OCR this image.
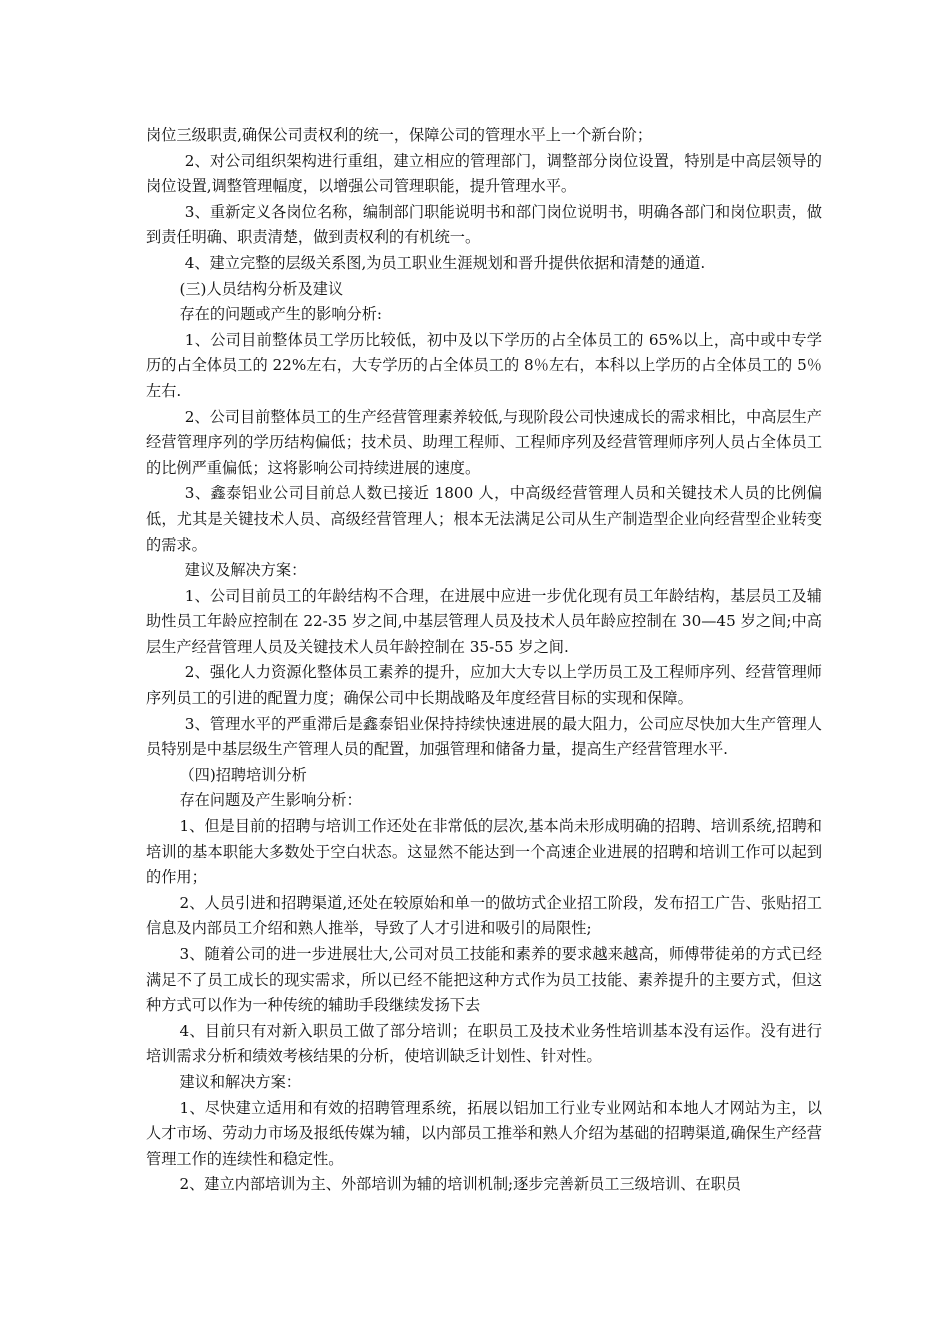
岗位三级职责,确保公司责权利的统一，保障公司的管理水平上一个新台阶；

2、对公司组织架构进行重组，建立相应的管理部门，调整部分岗位设置，特别是中高层领导的岗位设置,调整管理幅度，以增强公司管理职能，提升管理水平。

3、重新定义各岗位名称，编制部门职能说明书和部门岗位说明书，明确各部门和岗位职责，做到责任明确、职责清楚，做到责权利的有机统一。

4、建立完整的层级关系图,为员工职业生涯规划和晋升提供依据和清楚的通道.

(三)人员结构分析及建议

存在的问题或产生的影响分析:

1、公司目前整体员工学历比较低，初中及以下学历的占全体员工的 65%以上，高中或中专学历的占全体员工的 22%左右，大专学历的占全体员工的 8％左右，本科以上学历的占全体员工的 5％左右.

2、公司目前整体员工的生产经营管理素养较低,与现阶段公司快速成长的需求相比，中高层生产经营管理序列的学历结构偏低；技术员、助理工程师、工程师序列及经营管理师序列人员占全体员工的比例严重偏低；这将影响公司持续进展的速度。

3、鑫泰铝业公司目前总人数已接近 1800 人，中高级经营管理人员和关键技术人员的比例偏低，尤其是关键技术人员、高级经营管理人；根本无法满足公司从生产制造型企业向经营型企业转变的需求。

建议及解决方案：

1、公司目前员工的年龄结构不合理，在进展中应进一步优化现有员工年龄结构，基层员工及辅助性员工年龄应控制在 22-35 岁之间,中基层管理人员及技术人员年龄应控制在 30—45 岁之间;中高层生产经营管理人员及关键技术人员年龄控制在 35-55 岁之间.

2、强化人力资源化整体员工素养的提升，应加大大专以上学历员工及工程师序列、经营管理师序列员工的引进的配置力度；确保公司中长期战略及年度经营目标的实现和保障。

3、管理水平的严重滞后是鑫泰铝业保持持续快速进展的最大阻力，公司应尽快加大生产管理人员特别是中基层级生产管理人员的配置，加强管理和储备力量，提高生产经营管理水平.

（四)招聘培训分析

存在问题及产生影响分析：

1、但是目前的招聘与培训工作还处在非常低的层次,基本尚未形成明确的招聘、培训系统,招聘和培训的基本职能大多数处于空白状态。这显然不能达到一个高速企业进展的招聘和培训工作可以起到的作用；

2、人员引进和招聘渠道,还处在较原始和单一的做坊式企业招工阶段，发布招工广告、张贴招工信息及内部员工介绍和熟人推举，导致了人才引进和吸引的局限性;

3、随着公司的进一步进展壮大,公司对员工技能和素养的要求越来越高，师傅带徒弟的方式已经满足不了员工成长的现实需求，所以已经不能把这种方式作为员工技能、素养提升的主要方式，但这种方式可以作为一种传统的辅助手段继续发扬下去

4、目前只有对新入职员工做了部分培训；在职员工及技术业务性培训基本没有运作。没有进行培训需求分析和绩效考核结果的分析，使培训缺乏计划性、针对性。

建议和解决方案：

1、尽快建立适用和有效的招聘管理系统，拓展以铝加工行业专业网站和本地人才网站为主，以人才市场、劳动力市场及报纸传媒为辅，以内部员工推举和熟人介绍为基础的招聘渠道,确保生产经营管理工作的连续性和稳定性。

2、建立内部培训为主、外部培训为辅的培训机制;逐步完善新员工三级培训、在职员
